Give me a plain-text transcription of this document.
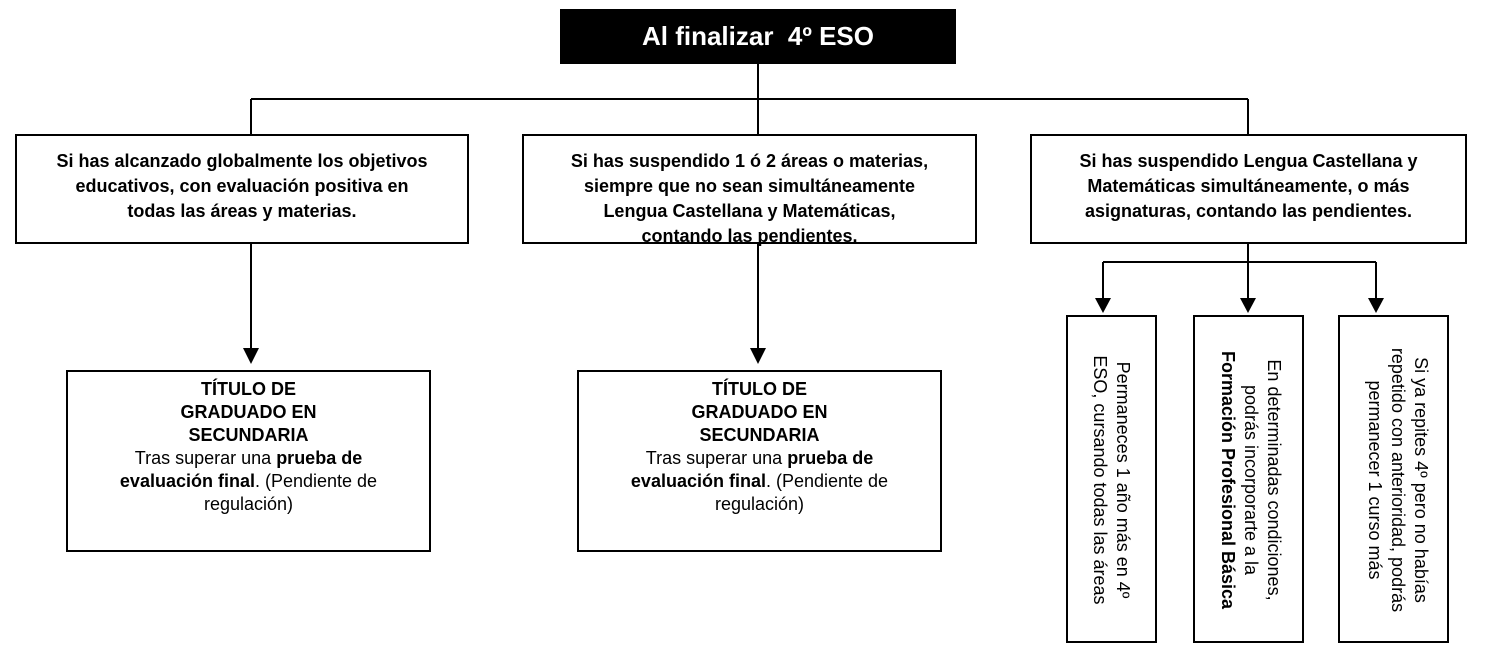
Al finalizar  4º ESO
Si has alcanzado globalmente los objetivos
educativos, con evaluación positiva en
todas las áreas y materias.
Si has suspendido 1 ó 2 áreas o materias,
siempre que no sean simultáneamente
Lengua Castellana y Matemáticas,
contando las pendientes.
Si has suspendido Lengua Castellana y
Matemáticas simultáneamente, o más
asignaturas, contando las pendientes.
TÍTULO DE
GRADUADO EN
SECUNDARIA
Tras superar una prueba de
evaluación final. (Pendiente de
regulación)
TÍTULO DE
GRADUADO EN
SECUNDARIA
Tras superar una prueba de
evaluación final. (Pendiente de
regulación)	Permaneces 1 año más en 4º
ESO, cursando todas las áreas	En determinadas condiciones,
podrás incorporarte a la
Formación Profesional Básica	Si ya repites 4º pero no habías
repetido con anterioridad, podrás
permanecer 1 curso más
